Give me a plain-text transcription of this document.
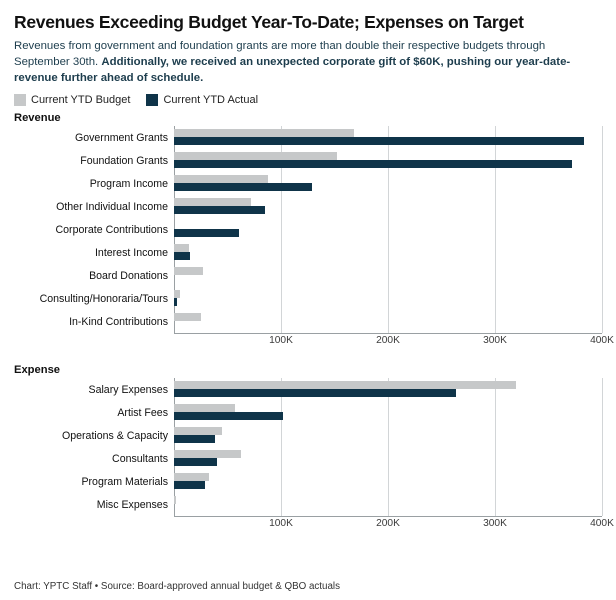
Revenues Exceeding Budget Year-To-Date; Expenses on Target
Revenues from government and foundation grants are more than double their respective budgets through September 30th. Additionally, we received an unexpected corporate gift of $60K, pushing our year-date-revenue further ahead of schedule.
Current YTD Budget	Current YTD Actual
Revenue
Government Grants
Foundation Grants
Program Income
Other Individual Income
Corporate Contributions
Interest Income
Board Donations
Consulting/Honoraria/Tours
In-Kind Contributions
100K	200K	300K	400K
Expense
Salary Expenses
Artist Fees
Operations & Capacity
Consultants
Program Materials
Misc Expenses
100K	200K	300K	400K
Chart: YPTC Staff • Source: Board-approved annual budget & QBO actuals
